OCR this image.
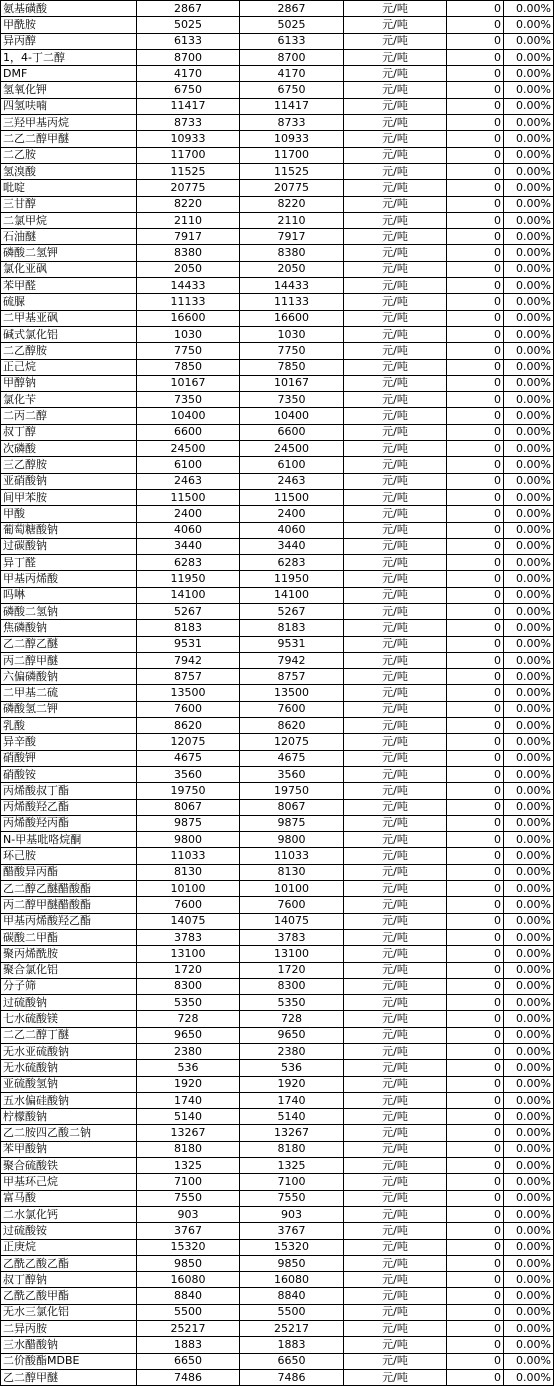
氨基磺酸	2867	2867	元/吨	0	0.00%
甲酰胺	5025	5025	元/吨	0	0.00%
异丙醇	6133	6133	元/吨	0	0.00%
1，4-丁二醇	8700	8700	元/吨	0	0.00%
DMF	4170	4170	元/吨	0	0.00%
氢氧化钾	6750	6750	元/吨	0	0.00%
四氢呋喃	11417	11417	元/吨	0	0.00%
三羟甲基丙烷	8733	8733	元/吨	0	0.00%
二乙二醇甲醚	10933	10933	元/吨	0	0.00%
二乙胺	11700	11700	元/吨	0	0.00%
氢溴酸	11525	11525	元/吨	0	0.00%
吡啶	20775	20775	元/吨	0	0.00%
三甘醇	8220	8220	元/吨	0	0.00%
二氯甲烷	2110	2110	元/吨	0	0.00%
石油醚	7917	7917	元/吨	0	0.00%
磷酸二氢钾	8380	8380	元/吨	0	0.00%
氯化亚砜	2050	2050	元/吨	0	0.00%
苯甲醛	14433	14433	元/吨	0	0.00%
硫脲	11133	11133	元/吨	0	0.00%
二甲基亚砜	16600	16600	元/吨	0	0.00%
碱式氯化铝	1030	1030	元/吨	0	0.00%
二乙醇胺	7750	7750	元/吨	0	0.00%
正己烷	7850	7850	元/吨	0	0.00%
甲醇钠	10167	10167	元/吨	0	0.00%
氯化苄	7350	7350	元/吨	0	0.00%
二丙二醇	10400	10400	元/吨	0	0.00%
叔丁醇	6600	6600	元/吨	0	0.00%
次磷酸	24500	24500	元/吨	0	0.00%
三乙醇胺	6100	6100	元/吨	0	0.00%
亚硝酸钠	2463	2463	元/吨	0	0.00%
间甲苯胺	11500	11500	元/吨	0	0.00%
甲酸	2400	2400	元/吨	0	0.00%
葡萄糖酸钠	4060	4060	元/吨	0	0.00%
过碳酸钠	3440	3440	元/吨	0	0.00%
异丁醛	6283	6283	元/吨	0	0.00%
甲基丙烯酸	11950	11950	元/吨	0	0.00%
吗啉	14100	14100	元/吨	0	0.00%
磷酸二氢钠	5267	5267	元/吨	0	0.00%
焦磷酸钠	8183	8183	元/吨	0	0.00%
乙二醇乙醚	9531	9531	元/吨	0	0.00%
丙二醇甲醚	7942	7942	元/吨	0	0.00%
六偏磷酸钠	8757	8757	元/吨	0	0.00%
二甲基二硫	13500	13500	元/吨	0	0.00%
磷酸氢二钾	7600	7600	元/吨	0	0.00%
乳酸	8620	8620	元/吨	0	0.00%
异辛酸	12075	12075	元/吨	0	0.00%
硝酸钾	4675	4675	元/吨	0	0.00%
硝酸铵	3560	3560	元/吨	0	0.00%
丙烯酸叔丁酯	19750	19750	元/吨	0	0.00%
丙烯酸羟乙酯	8067	8067	元/吨	0	0.00%
丙烯酸羟丙酯	9875	9875	元/吨	0	0.00%
N-甲基吡咯烷酮	9800	9800	元/吨	0	0.00%
环己胺	11033	11033	元/吨	0	0.00%
醋酸异丙酯	8130	8130	元/吨	0	0.00%
乙二醇乙醚醋酸酯	10100	10100	元/吨	0	0.00%
丙二醇甲醚醋酸酯	7600	7600	元/吨	0	0.00%
甲基丙烯酸羟乙酯	14075	14075	元/吨	0	0.00%
碳酸二甲酯	3783	3783	元/吨	0	0.00%
聚丙烯酰胺	13100	13100	元/吨	0	0.00%
聚合氯化铝	1720	1720	元/吨	0	0.00%
分子筛	8300	8300	元/吨	0	0.00%
过硫酸钠	5350	5350	元/吨	0	0.00%
七水硫酸镁	728	728	元/吨	0	0.00%
二乙二醇丁醚	9650	9650	元/吨	0	0.00%
无水亚硫酸钠	2380	2380	元/吨	0	0.00%
无水硫酸钠	536	536	元/吨	0	0.00%
亚硫酸氢钠	1920	1920	元/吨	0	0.00%
五水偏硅酸钠	1740	1740	元/吨	0	0.00%
柠檬酸钠	5140	5140	元/吨	0	0.00%
乙二胺四乙酸二钠	13267	13267	元/吨	0	0.00%
苯甲酸钠	8180	8180	元/吨	0	0.00%
聚合硫酸铁	1325	1325	元/吨	0	0.00%
甲基环己烷	7100	7100	元/吨	0	0.00%
富马酸	7550	7550	元/吨	0	0.00%
二水氯化钙	903	903	元/吨	0	0.00%
过硫酸铵	3767	3767	元/吨	0	0.00%
正庚烷	15320	15320	元/吨	0	0.00%
乙酰乙酸乙酯	9850	9850	元/吨	0	0.00%
叔丁醇钠	16080	16080	元/吨	0	0.00%
乙酰乙酸甲酯	8840	8840	元/吨	0	0.00%
无水三氯化铝	5500	5500	元/吨	0	0.00%
二异丙胺	25217	25217	元/吨	0	0.00%
三水醋酸钠	1883	1883	元/吨	0	0.00%
二价酸酯MDBE	6650	6650	元/吨	0	0.00%
乙二醇甲醚	7486	7486	元/吨	0	0.00%
